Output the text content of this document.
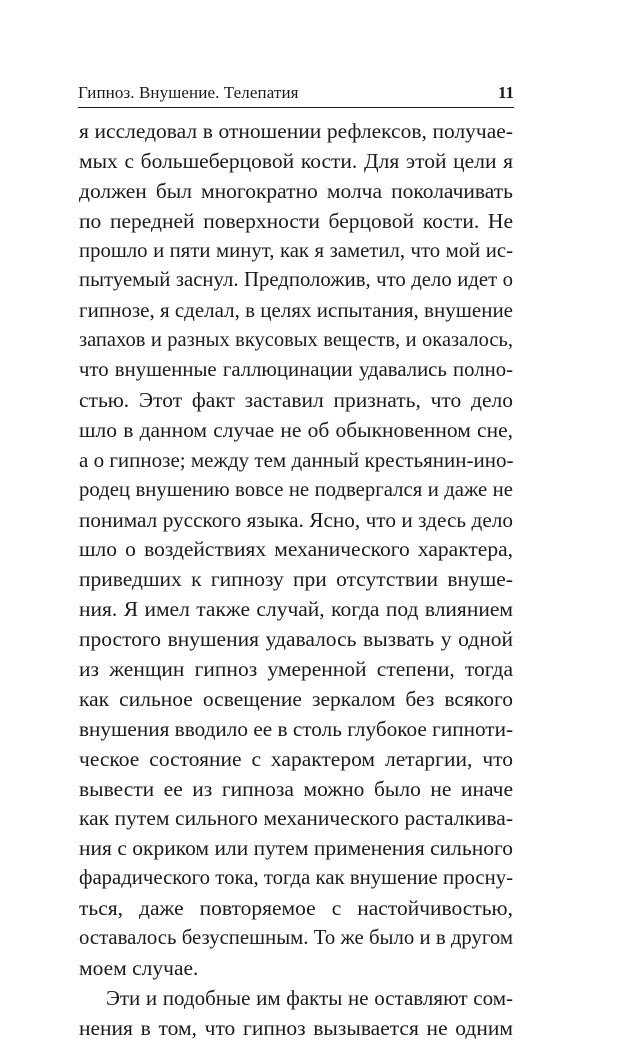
Гипноз. Внушение. Телепатия	11
я исследовал в отношении рефлексов, получае-
мых с большеберцовой кости. Для этой цели я
должен был многократно молча поколачивать
по передней поверхности берцовой кости. Не
прошло и пяти минут, как я заметил, что мой ис-
пытуемый заснул. Предположив, что дело идет о
гипнозе, я сделал, в целях испытания, внушение
запахов и разных вкусовых веществ, и оказалось,
что внушенные галлюцинации удавались полно-
стью. Этот факт заставил признать, что дело
шло в данном случае не об обыкновенном сне,
а о гипнозе; между тем данный крестьянин-ино-
родец внушению вовсе не подвергался и даже не
понимал русского языка. Ясно, что и здесь дело
шло о воздействиях механического характера,
приведших к гипнозу при отсутствии внуше-
ния. Я имел также случай, когда под влиянием
простого внушения удавалось вызвать у одной
из женщин гипноз умеренной степени, тогда
как сильное освещение зеркалом без всякого
внушения вводило ее в столь глубокое гипноти-
ческое состояние с характером летаргии, что
вывести ее из гипноза можно было не иначе
как путем сильного механического расталкива-
ния с окриком или путем применения сильного
фарадического тока, тогда как внушение просну-
ться, даже повторяемое с настойчивостью,
оставалось безуспешным. То же было и в другом
моем случае.
Эти и подобные им факты не оставляют сом-
нения в том, что гипноз вызывается не одним
